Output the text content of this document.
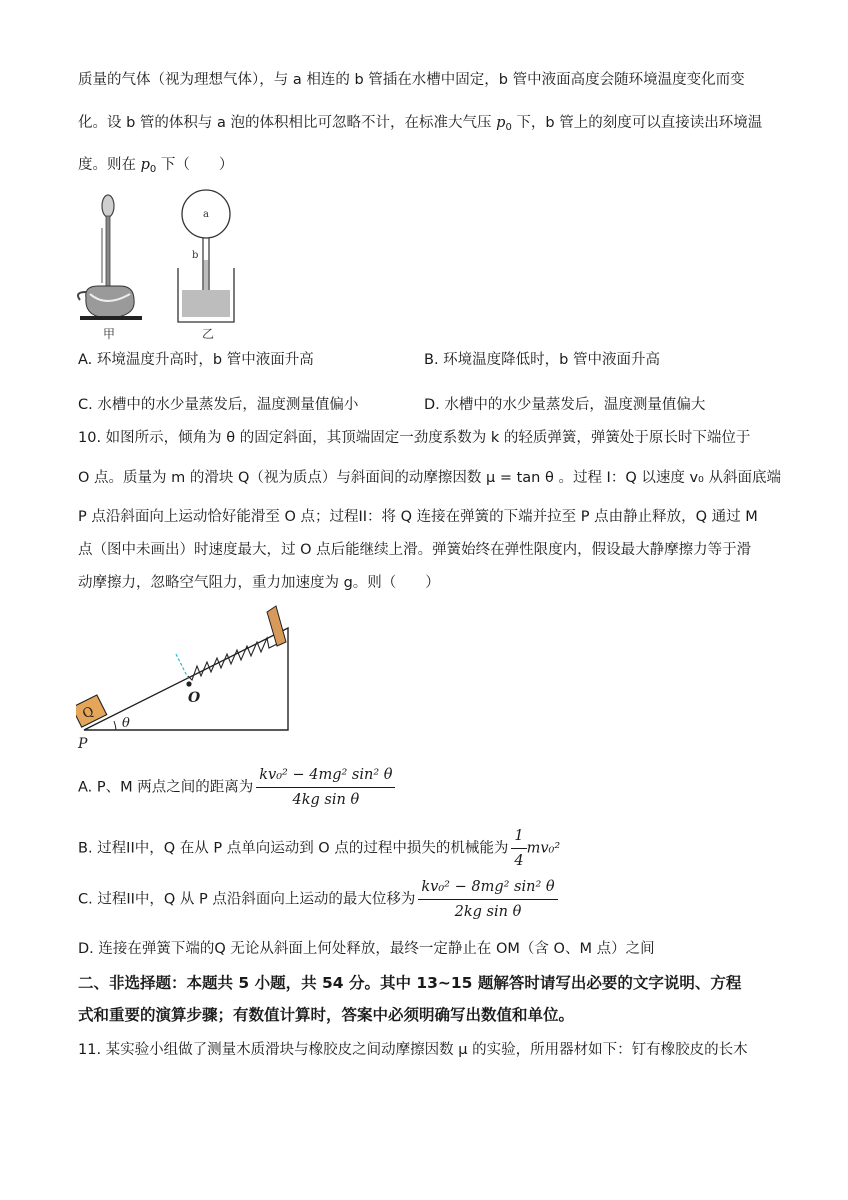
质量的气体（视为理想气体），与 a 相连的 b 管插在水槽中固定，b 管中液面高度会随环境温度变化而变
化。设 b 管的体积与 a 泡的体积相比可忽略不计，在标准大气压 $p_0$ 下，b 管上的刻度可以直接读出环境温
度。则在 $p_0$ 下（　　）
甲
a
b
乙
A. 环境温度升高时，b 管中液面升高	B. 环境温度降低时，b 管中液面升高
C. 水槽中的水少量蒸发后，温度测量值偏小	D. 水槽中的水少量蒸发后，温度测量值偏大
10. 如图所示，倾角为 θ 的固定斜面，其顶端固定一劲度系数为 k 的轻质弹簧，弹簧处于原长时下端位于
O 点。质量为 m 的滑块 Q（视为质点）与斜面间的动摩擦因数 μ = tan θ 。过程 I：Q 以速度 v₀ 从斜面底端
P 点沿斜面向上运动恰好能滑至 O 点；过程II：将 Q 连接在弹簧的下端并拉至 P 点由静止释放，Q 通过 M
点（图中未画出）时速度最大，过 O 点后能继续上滑。弹簧始终在弹性限度内，假设最大静摩擦力等于滑
动摩擦力，忽略空气阻力，重力加速度为 g。则（　　）
O
Q
θ
P
A. P、M 两点之间的距离为 $\frac{\text{kv₀² − 4mg² sin² θ}}{\text{4kg sin θ}}$
B. 过程II中，Q 在从 P 点单向运动到 O 点的过程中损失的机械能为 $\frac{1}{4} mv_0^2$
C. 过程II中，Q 从 P 点沿斜面向上运动的最大位移为 $\frac{\text{kv₀² − 8mg² sin² θ}}{\text{2kg sin θ}}$
D. 连接在弹簧下端的Q 无论从斜面上何处释放，最终一定静止在 OM（含 O、M 点）之间
二、非选择题：本题共 5 小题，共 54 分。其中 13~15 题解答时请写出必要的文字说明、方程
式和重要的演算步骤；有数值计算时，答案中必须明确写出数值和单位。
11. 某实验小组做了测量木质滑块与橡胶皮之间动摩擦因数 μ 的实验，所用器材如下：钉有橡胶皮的长木
